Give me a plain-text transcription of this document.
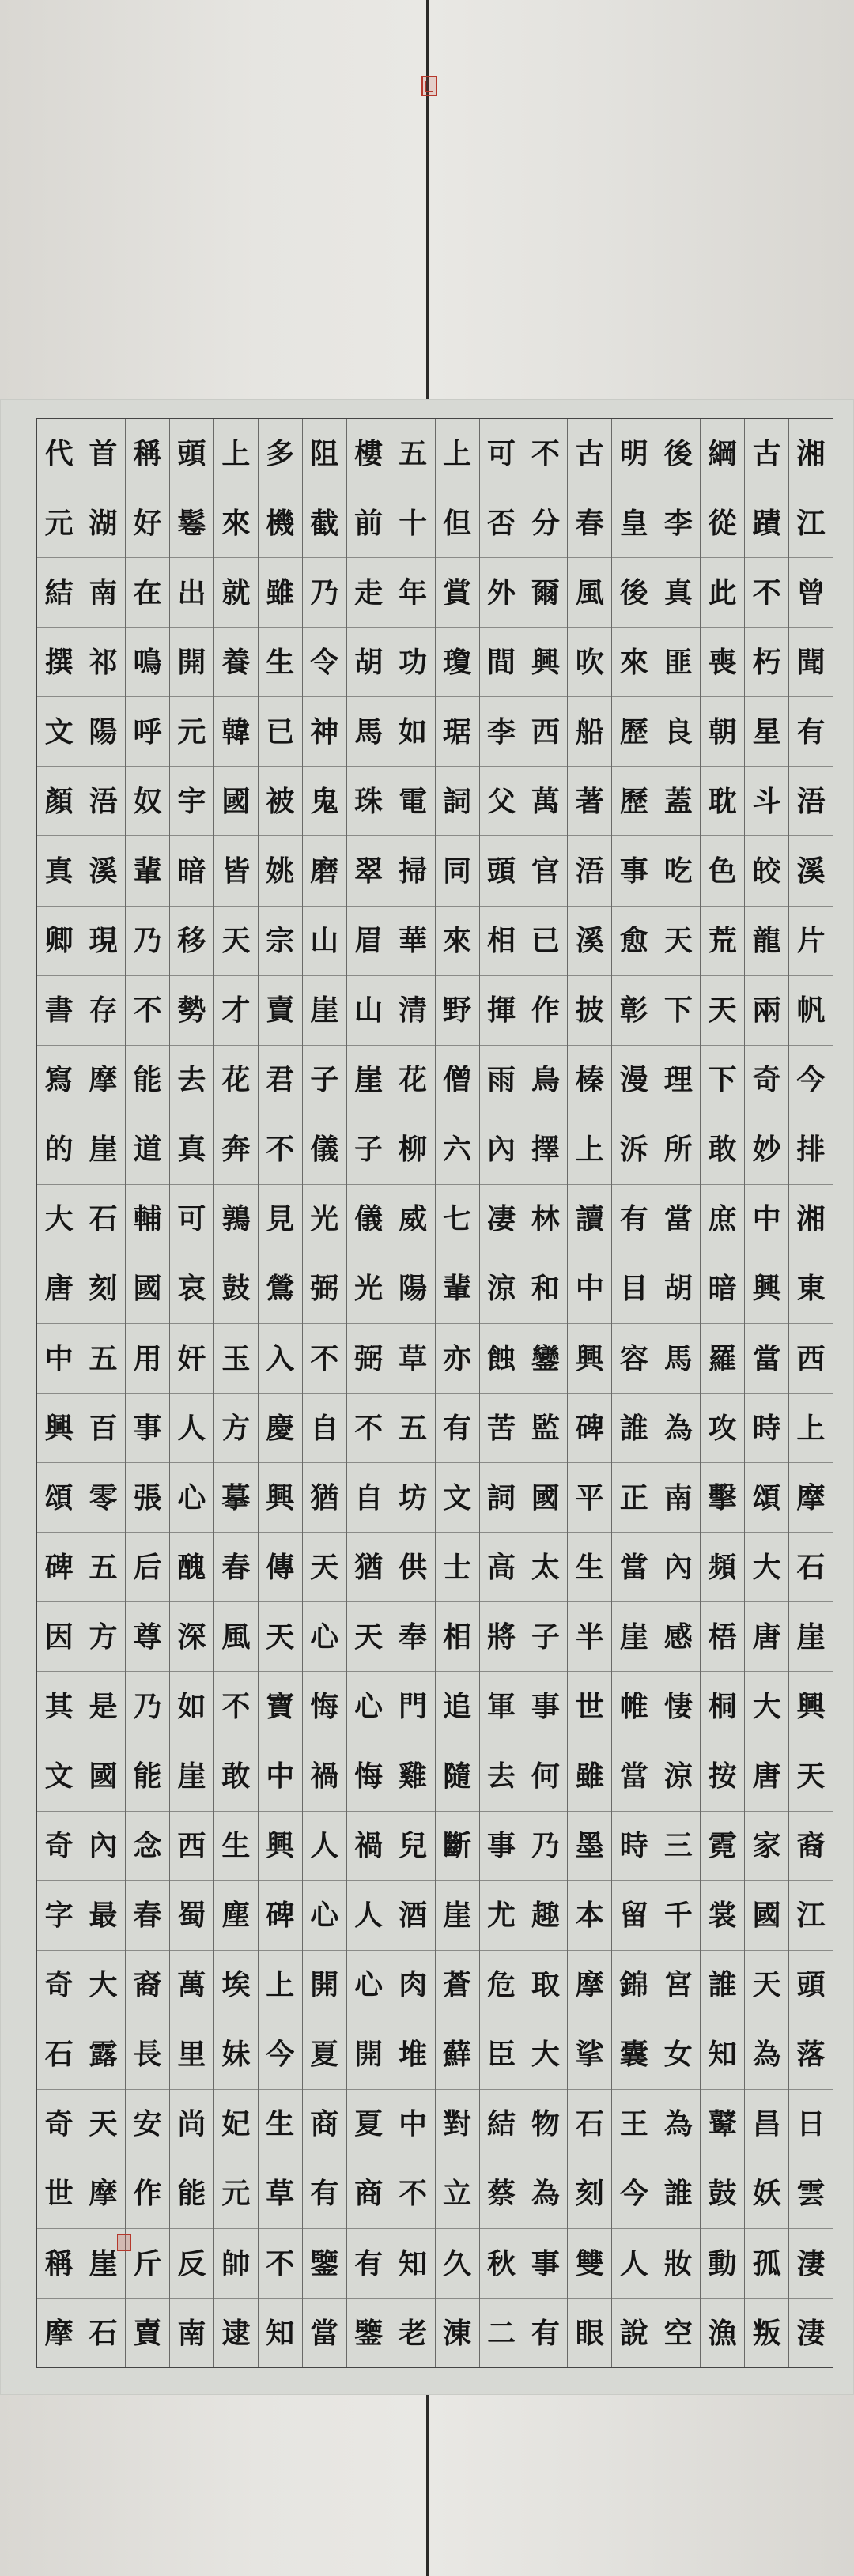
湘
江
曾
聞
有
浯
溪
片
帆
今
排
湘
東
西
上
摩
石
崖
興
天
裔
江
頭
落
日
雲
淒
淒
古
蹟
不
朽
星
斗
皎
龍
兩
奇
妙
中
興
當
時
頌
大
唐
大
唐
家
國
天
為
昌
妖
孤
叛
綱
從
此
喪
朝
耽
色
荒
天
下
敢
庶
暗
羅
攻
擊
頻
梧
桐
按
霓
裳
誰
知
鼙
鼓
動
漁
後
李
真
匪
良
蓋
吃
天
下
理
所
當
胡
馬
為
南
內
感
悽
涼
三
千
宮
女
為
誰
妝
空
明
皇
後
來
歷
歷
事
愈
彰
漫
泝
有
目
容
誰
正
當
崖
帷
當
時
留
錦
囊
王
今
人
說
古
春
風
吹
船
著
浯
溪
披
榛
上
讀
中
興
碑
平
生
半
世
雖
墨
本
摩
挲
石
刻
雙
眼
不
分
爾
興
西
萬
官
已
作
鳥
擇
林
和
鑾
監
國
太
子
事
何
乃
趣
取
大
物
為
事
有
可
否
外
間
李
父
頭
相
揮
雨
內
凄
涼
蝕
苦
詞
高
將
軍
去
事
尤
危
臣
結
蔡
秋
二
上
但
賞
瓊
琚
詞
同
來
野
僧
六
七
輩
亦
有
文
士
相
追
隨
斷
崖
蒼
蘚
對
立
久
涷
五
十
年
功
如
電
掃
華
清
花
柳
威
陽
草
五
坊
供
奉
門
雞
兒
酒
肉
堆
中
不
知
老
樓
前
走
胡
馬
珠
翠
眉
山
崖
子
儀
光
弼
不
自
猶
天
心
悔
禍
人
心
開
夏
商
有
鑒
阻
截
乃
令
神
鬼
磨
山
崖
子
儀
光
弼
不
自
猶
天
心
悔
禍
人
心
開
夏
商
有
鑒
當
多
機
雖
生
已
被
姚
宗
賣
君
不
見
鶯
入
慶
興
傳
天
寶
中
興
碑
上
今
生
草
不
知
上
來
就
養
韓
國
皆
天
才
花
奔
鶉
鼓
玉
方
摹
春
風
不
敢
生
塵
埃
妹
妃
元
帥
逮
頭
鬈
出
開
元
宇
暗
移
勢
去
真
可
哀
奸
人
心
醜
深
如
崖
西
蜀
萬
里
尚
能
反
南
稱
好
在
鳴
呼
奴
輩
乃
不
能
道
輔
國
用
事
張
后
尊
乃
能
念
春
裔
長
安
作
斤
賣
首
湖
南
祁
陽
浯
溪
現
存
摩
崖
石
刻
五
百
零
五
方
是
國
內
最
大
露
天
摩
崖
石
代
元
結
撰
文
顏
真
卿
書
寫
的
大
唐
中
興
頌
碑
因
其
文
奇
字
奇
石
奇
世
稱
摩
